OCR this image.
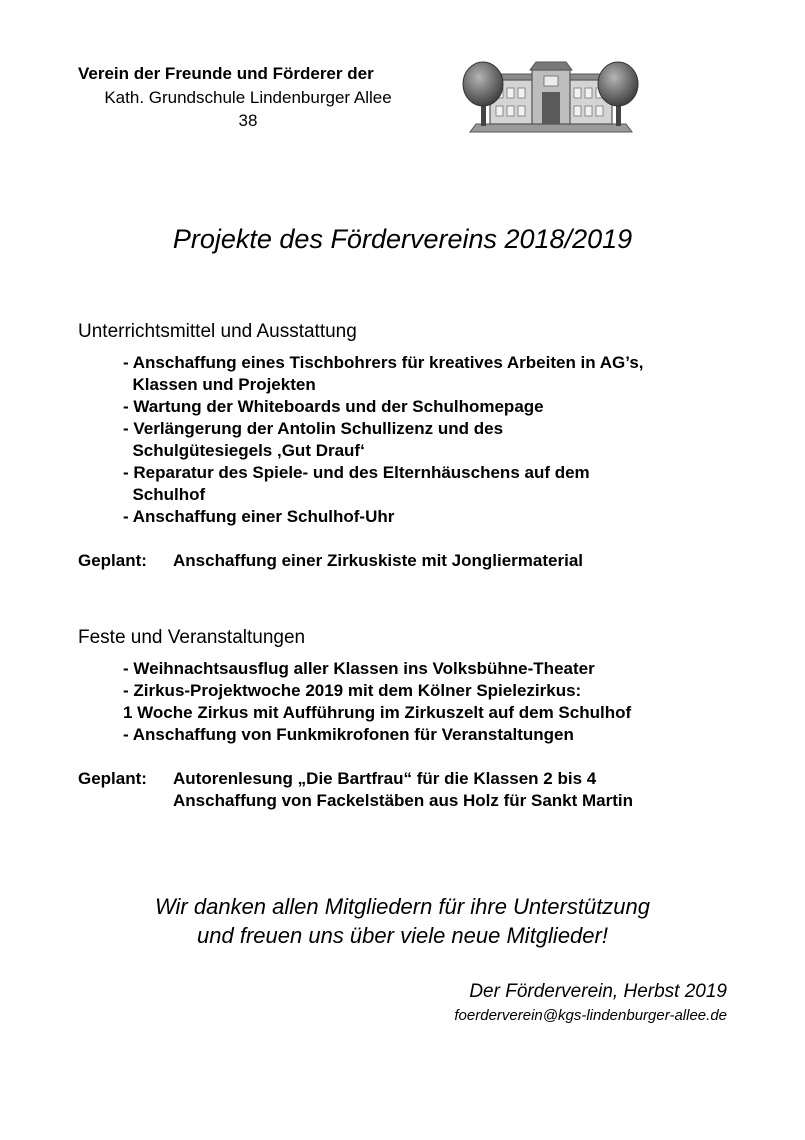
Verein der Freunde und Förderer der
Kath. Grundschule Lindenburger Allee
38
Projekte des Fördervereins 2018/2019
Unterrichtsmittel und Ausstattung
- Anschaffung eines Tischbohrers für kreatives Arbeiten in AG’s,
Klassen und Projekten
- Wartung der Whiteboards und der Schulhomepage
- Verlängerung der Antolin Schullizenz und des
Schulgütesiegels ‚Gut Drauf‘
- Reparatur des Spiele- und des Elternhäuschens auf dem
Schulhof
- Anschaffung einer Schulhof-Uhr
Geplant: Anschaffung einer Zirkuskiste mit Jongliermaterial
Feste und Veranstaltungen
- Weihnachtsausflug aller Klassen ins Volksbühne-Theater
- Zirkus-Projektwoche 2019 mit dem Kölner Spielezirkus:
1 Woche Zirkus mit Aufführung im Zirkuszelt auf dem Schulhof
- Anschaffung von Funkmikrofonen für Veranstaltungen
Geplant: Autorenlesung „Die Bartfrau“ für die Klassen 2 bis 4
Anschaffung von Fackelstäben aus Holz für Sankt Martin
Wir danken allen Mitgliedern für ihre Unterstützung
und freuen uns über viele neue Mitglieder!
Der Förderverein, Herbst 2019
foerderverein@kgs-lindenburger-allee.de
